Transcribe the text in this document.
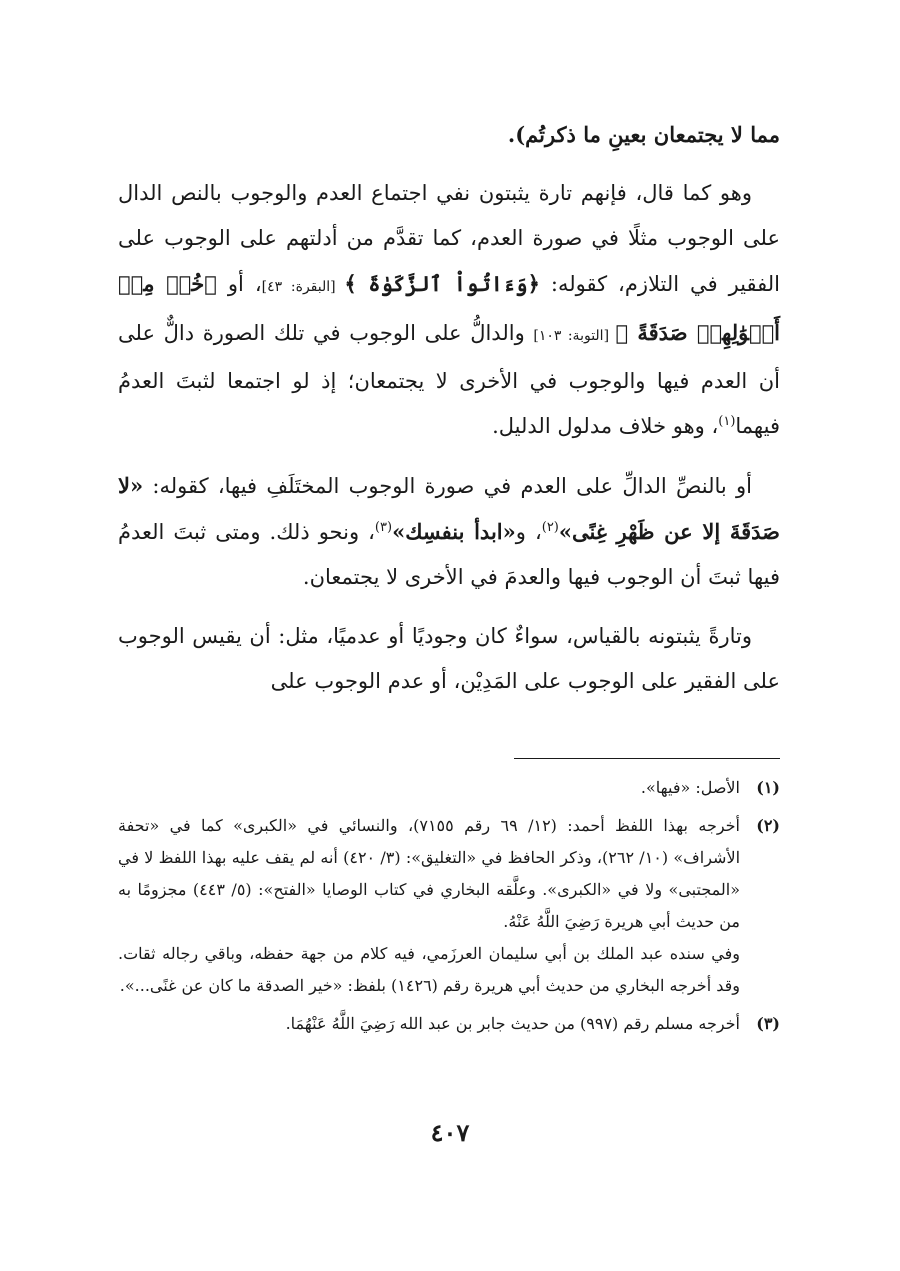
مما لا يجتمعان بعينِ ما ذكرتُم).

وهو كما قال، فإنهم تارة يثبتون نفي اجتماع العدم والوجوب بالنص الدال على الوجوب مثلًا في صورة العدم، كما تقدَّم من أدلتهم على الوجوب على الفقير في التلازم، كقوله: ﴿وَءَاتُواْ ٱلزَّكَوٰةَ ﴾ [البقرة: ٤٣]، أو ﴿خُذۡ مِنۡ أَمۡوَٰلِهِمۡ صَدَقَةً ﴾ [التوبة: ١٠٣] والدالُّ على الوجوب في تلك الصورة دالٌّ على أن العدم فيها والوجوب في الأخرى لا يجتمعان؛ إذ لو اجتمعا لثبتَ العدمُ فيهما$^{(١)}$، وهو خلاف مدلول الدليل.

أو بالنصِّ الدالِّ على العدم في صورة الوجوب المختَلَفِ فيها، كقوله: «لا صَدَقَةَ إلا عن ظَهْرِ غِنًى»$^{(٢)}$، و«ابدأ بنفسِك»$^{(٣)}$، ونحو ذلك. ومتى ثبتَ العدمُ فيها ثبتَ أن الوجوب فيها والعدمَ في الأخرى لا يجتمعان.

وتارةً يثبتونه بالقياس، سواءٌ كان وجوديًا أو عدميًا، مثل: أن يقيس الوجوب على الفقير على الوجوب على المَدِيْن، أو عدم الوجوب على

(١)

الأصل: «فيها».

(٢)

أخرجه بهذا اللفظ أحمد: (١٢/ ٦٩ رقم ٧١٥٥)، والنسائي في «الكبرى» كما في «تحفة الأشراف» (١٠/ ٢٦٢)، وذكر الحافظ في «التغليق»: (٣/ ٤٢٠) أنه لم يقف عليه بهذا اللفظ لا في «المجتبى» ولا في «الكبرى». وعلَّقه البخاري في كتاب الوصايا «الفتح»: (٥/ ٤٤٣) مجزومًا به من حديث أبي هريرة رَضِيَ اللَّهُ عَنْهُ.

وفي سنده عبد الملك بن أبي سليمان العرزَمي، فيه كلام من جهة حفظه، وباقي رجاله ثقات. وقد أخرجه البخاري من حديث أبي هريرة رقم (١٤٢٦) بلفظ: «خير الصدقة ما كان عن غنًى...».

(٣)

أخرجه مسلم رقم (٩٩٧) من حديث جابر بن عبد الله رَضِيَ اللَّهُ عَنْهُمَا.

٤٠٧
